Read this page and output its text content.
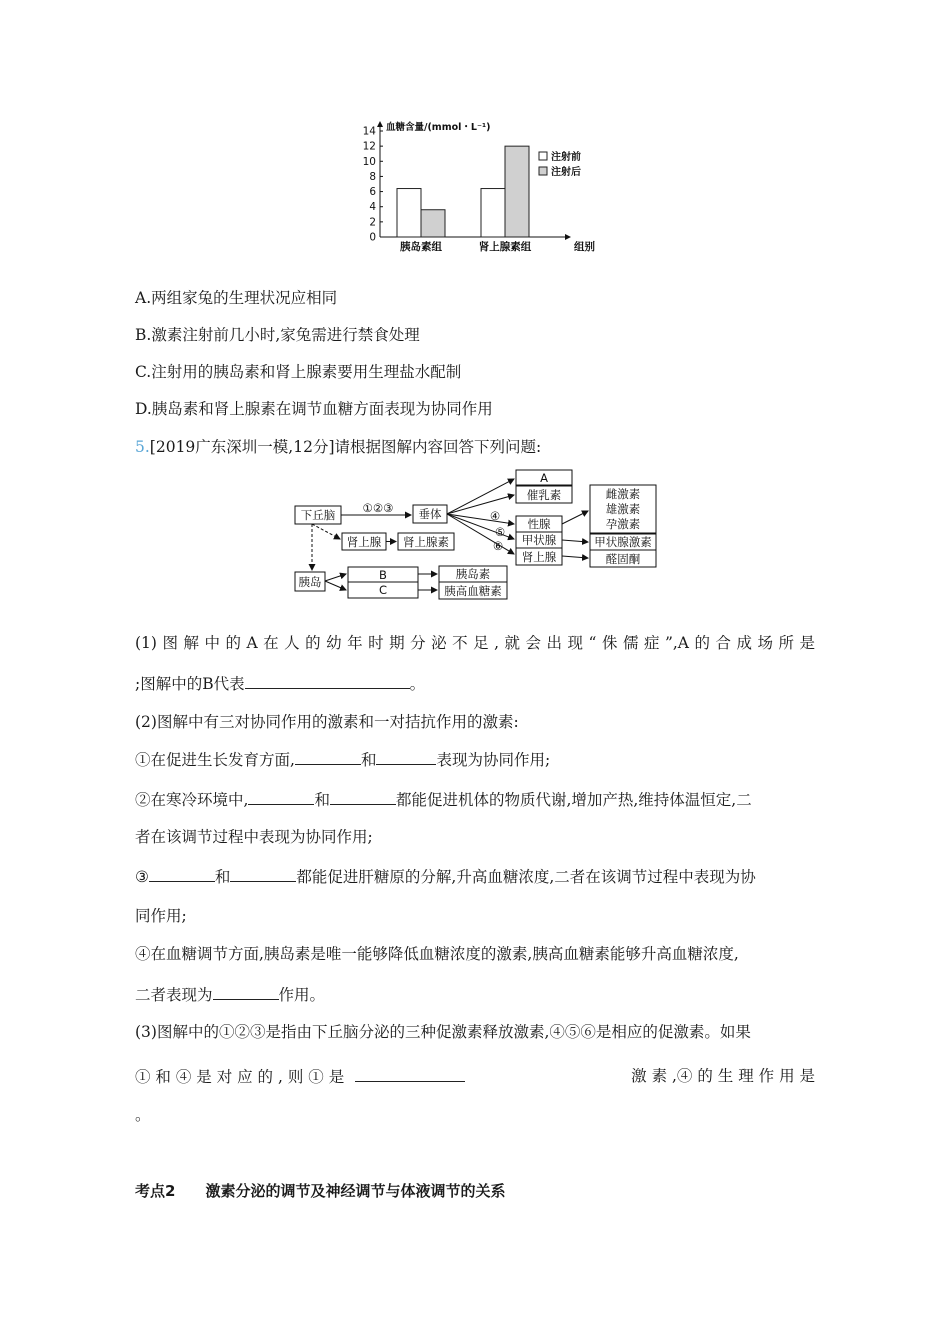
0
2
4
6
8
10
12
14 血糖含量/(mmol・L⁻¹)
胰岛素组	肾上腺素组	组别
注射前
注射后
A.两组家兔的生理状况应相同
B.激素注射前几小时,家兔需进行禁食处理
C.注射用的胰岛素和肾上腺素要用生理盐水配制
D.胰岛素和肾上腺素在调节血糖方面表现为协同作用
5.[2019广东深圳一模,12分]请根据图解内容回答下列问题:
下丘脑 ①②③ 垂体
A
催乳素
④
⑤
⑥
性腺
甲状腺
肾上腺
雌激素
雄激素
孕激素
甲状腺激素
醛固酮
肾上腺 肾上腺素
胰岛	B
C
胰岛素
胰高血糖素
(1)图解中的A在人的幼年时期分泌不足,就会出现“侏儒症”,A的合成场所是
;图解中的B代表	。
(2)图解中有三对协同作用的激素和一对拮抗作用的激素:
①在促进生长发育方面,	和	表现为协同作用;
②在寒冷环境中,	和	都能促进机体的物质代谢,增加产热,维持体温恒定,二
者在该调节过程中表现为协同作用;
③	和	都能促进肝糖原的分解,升高血糖浓度,二者在该调节过程中表现为协
同作用;
④在血糖调节方面,胰岛素是唯一能够降低血糖浓度的激素,胰高血糖素能够升高血糖浓度,
二者表现为	作用。
(3)图解中的①②③是指由下丘脑分泌的三种促激素释放激素,④⑤⑥是相应的促激素。如果
① 和 ④ 是 对 应 的 , 则 ① 是	激 素 ,④ 的 生 理 作 用 是
。
考点2 激素分泌的调节及神经调节与体液调节的关系
